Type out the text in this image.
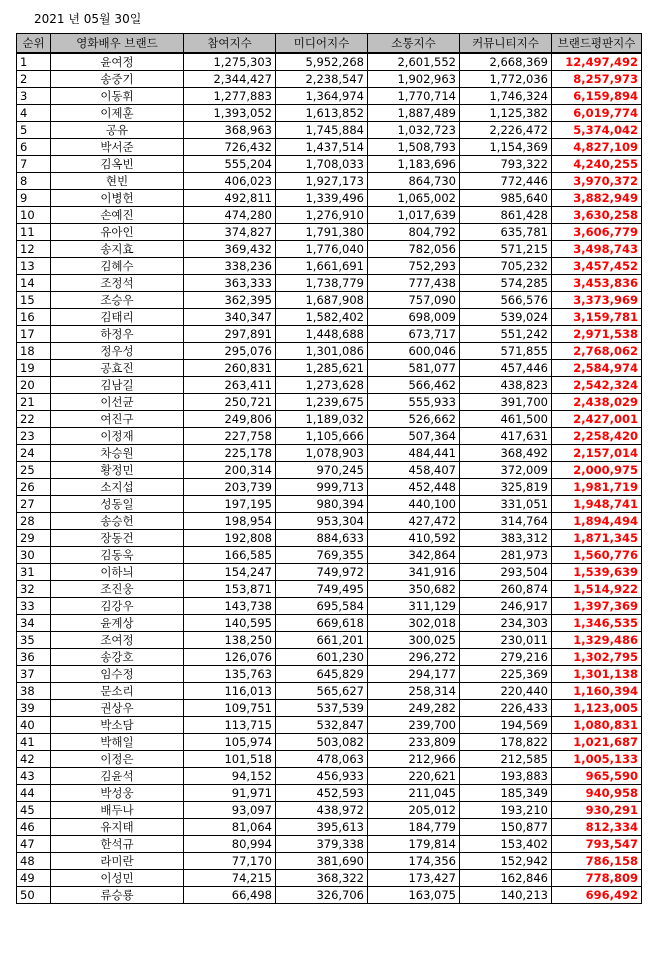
2021 년 05월 30일
순위	영화배우 브랜드	참여지수	미디어지수	소통지수	커뮤니티지수	브랜드평판지수
1	윤여정	1,275,303	5,952,268	2,601,552	2,668,369	12,497,492
2	송중기	2,344,427	2,238,547	1,902,963	1,772,036	8,257,973
3	이동휘	1,277,883	1,364,974	1,770,714	1,746,324	6,159,894
4	이제훈	1,393,052	1,613,852	1,887,489	1,125,382	6,019,774
5	공유	368,963	1,745,884	1,032,723	2,226,472	5,374,042
6	박서준	726,432	1,437,514	1,508,793	1,154,369	4,827,109
7	김옥빈	555,204	1,708,033	1,183,696	793,322	4,240,255
8	현빈	406,023	1,927,173	864,730	772,446	3,970,372
9	이병헌	492,811	1,339,496	1,065,002	985,640	3,882,949
10	손예진	474,280	1,276,910	1,017,639	861,428	3,630,258
11	유아인	374,827	1,791,380	804,792	635,781	3,606,779
12	송지효	369,432	1,776,040	782,056	571,215	3,498,743
13	김혜수	338,236	1,661,691	752,293	705,232	3,457,452
14	조정석	363,333	1,738,779	777,438	574,285	3,453,836
15	조승우	362,395	1,687,908	757,090	566,576	3,373,969
16	김태리	340,347	1,582,402	698,009	539,024	3,159,781
17	하정우	297,891	1,448,688	673,717	551,242	2,971,538
18	정우성	295,076	1,301,086	600,046	571,855	2,768,062
19	공효진	260,831	1,285,621	581,077	457,446	2,584,974
20	김남길	263,411	1,273,628	566,462	438,823	2,542,324
21	이선균	250,721	1,239,675	555,933	391,700	2,438,029
22	여진구	249,806	1,189,032	526,662	461,500	2,427,001
23	이정재	227,758	1,105,666	507,364	417,631	2,258,420
24	차승원	225,178	1,078,903	484,441	368,492	2,157,014
25	황정민	200,314	970,245	458,407	372,009	2,000,975
26	소지섭	203,739	999,713	452,448	325,819	1,981,719
27	성동일	197,195	980,394	440,100	331,051	1,948,741
28	송승헌	198,954	953,304	427,472	314,764	1,894,494
29	장동건	192,808	884,633	410,592	383,312	1,871,345
30	김동욱	166,585	769,355	342,864	281,973	1,560,776
31	이하늬	154,247	749,972	341,916	293,504	1,539,639
32	조진웅	153,871	749,495	350,682	260,874	1,514,922
33	김강우	143,738	695,584	311,129	246,917	1,397,369
34	윤계상	140,595	669,618	302,018	234,303	1,346,535
35	조여정	138,250	661,201	300,025	230,011	1,329,486
36	송강호	126,076	601,230	296,272	279,216	1,302,795
37	임수정	135,763	645,829	294,177	225,369	1,301,138
38	문소리	116,013	565,627	258,314	220,440	1,160,394
39	권상우	109,751	537,539	249,282	226,433	1,123,005
40	박소담	113,715	532,847	239,700	194,569	1,080,831
41	박해일	105,974	503,082	233,809	178,822	1,021,687
42	이정은	101,518	478,063	212,966	212,585	1,005,133
43	김윤석	94,152	456,933	220,621	193,883	965,590
44	박성웅	91,971	452,593	211,045	185,349	940,958
45	배두나	93,097	438,972	205,012	193,210	930,291
46	유지태	81,064	395,613	184,779	150,877	812,334
47	한석규	80,994	379,338	179,814	153,402	793,547
48	라미란	77,170	381,690	174,356	152,942	786,158
49	이성민	74,215	368,322	173,427	162,846	778,809
50	류승룡	66,498	326,706	163,075	140,213	696,492
